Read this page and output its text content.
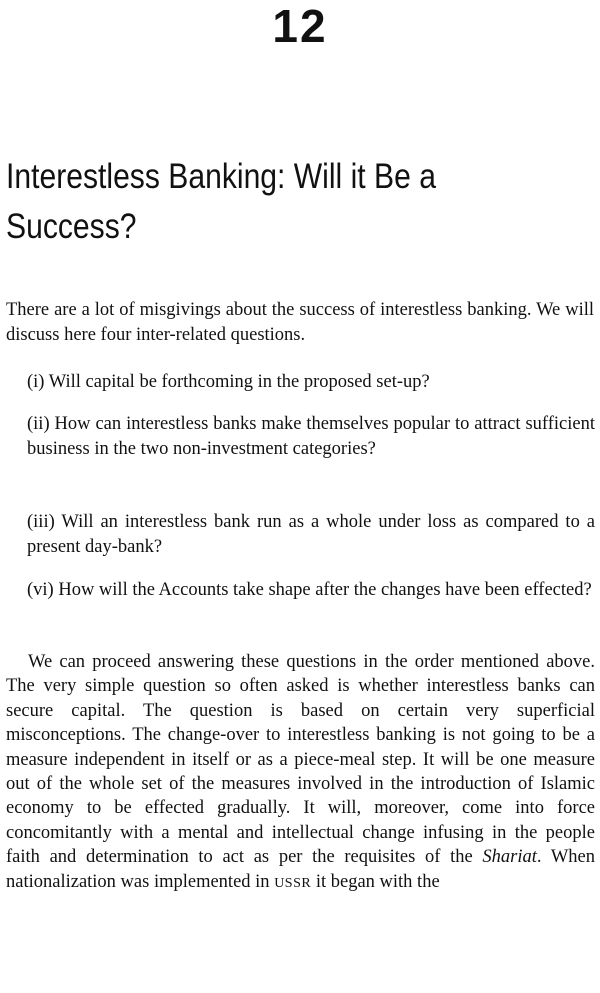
12
Interestless Banking: Will it Be a
Success?

There are a lot of misgivings about the success of interestless banking. We will discuss here four inter-related questions.

(i) Will capital be forthcoming in the proposed set-up?

(ii) How can interestless banks make themselves popular to attract sufficient business in the two non-investment categories?

(iii) Will an interestless bank run as a whole under loss as compared to a present day-bank?

(vi) How will the Accounts take shape after the changes have been effected?

We can proceed answering these questions in the order mentioned above. The very simple question so often asked is whether interestless banks can secure capital. The question is based on certain very superficial misconceptions. The change-over to interestless banking is not going to be a measure independent in itself or as a piece-meal step. It will be one measure out of the whole set of the measures involved in the introduction of Islamic economy to be effected gradually. It will, moreover, come into force concomitantly with a mental and intellectual change infusing in the people faith and determination to act as per the requisites of the Shariat. When nationalization was implemented in USSR it began with the
